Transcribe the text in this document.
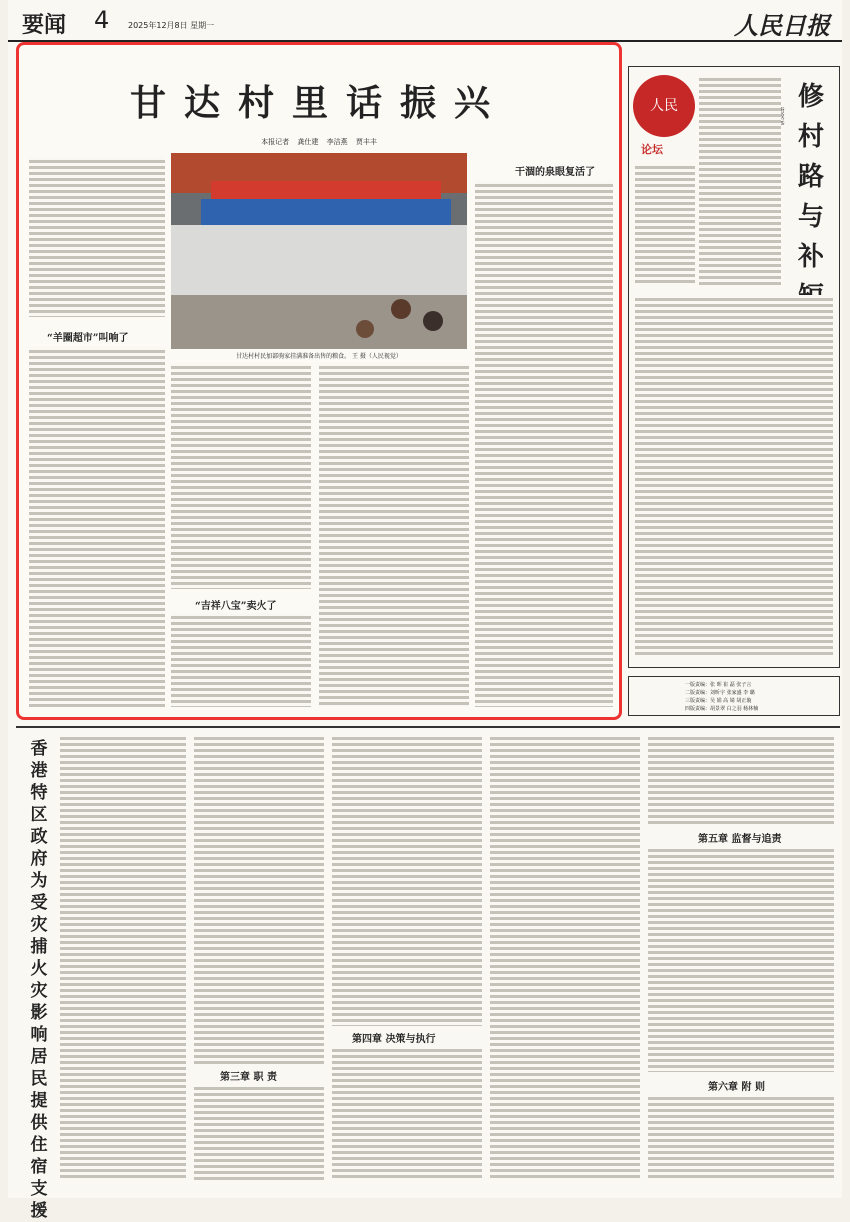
要闻 4 2025年12月8日 星期一	人民日报
甘达村里话振兴
本报记者 龚仕建 李洁燕 贾丰丰
“羊圈超市”叫响了
甘达村村民加部驹家挂满准备出售的粮食。 王 摄（人民视觉）
干涸的泉眼复活了
“吉祥八宝”卖火了
人民
论坛
修村路与补
一版责编：张 晖 崔 磊 张子言
二版责编：刘昕宇 张家盛 李 璐
三版责编：吴 娟 高 婧 胡正璇
四版责编：胡景翠 白之羽 杨林楠
香港特区政府为受灾捕火灾影响居民提供住宿支援
第三章 职 责
第四章 决策与执行
第五章 监督与追责
第六章 附 则
